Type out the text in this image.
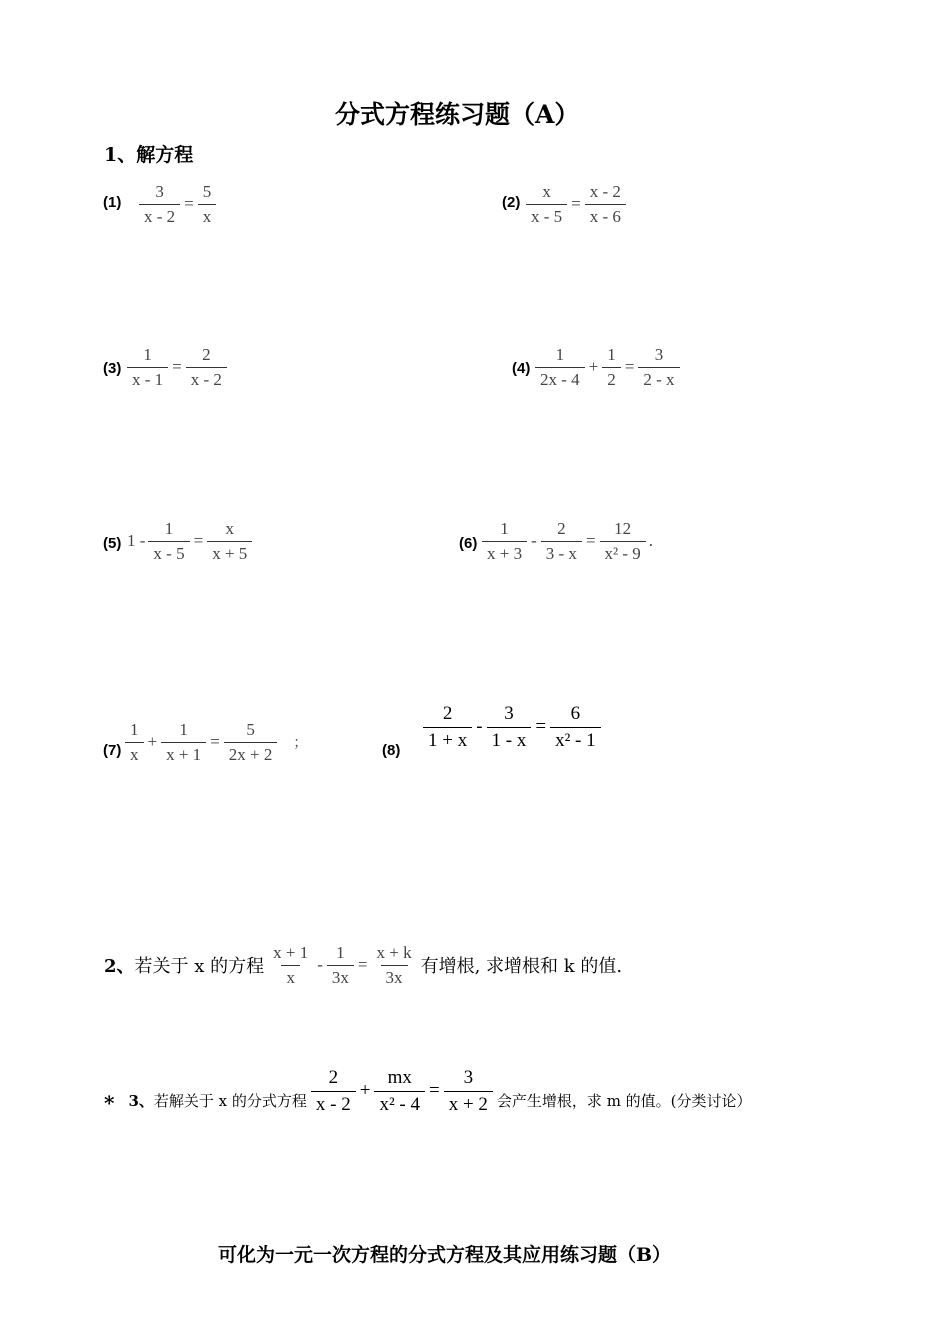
分式方程练习题（A）
1、解方程
$(1) \frac{3}{x - 2} = \frac{5}{x}$	$(2) \frac{x}{x - 5} = \frac{x - 2}{x - 6}$
$(3) \frac{1}{x - 1} = \frac{2}{x - 2}$	$(4) \frac{1}{2x - 4} + \frac{1}{2} = \frac{3}{2 - x}$
(5) $1 - \frac{1}{x - 5} = \frac{x}{x + 5}$	$(6) \frac{1}{x + 3} - \frac{2}{3 - x} = \frac{12}{\text{x² - 9}}$ .
$(7) \frac{1}{x} + \frac{1}{x + 1} = \frac{5}{2x + 2}$	；	$(8) \frac{2}{1 + x} - \frac{3}{1 - x} = \frac{6}{\text{x² - 1}}$
2、 若关于 x 的方程 $\frac{x + 1}{x} - \frac{1}{3x} = \frac{x + k}{3x}$ 有增根, 求增根和 k 的值.
* 3、 若解关于 x 的分式方程 $\frac{2}{x - 2} + \frac{mx}{\text{x² - 4}} = \frac{3}{x + 2}$ 会产生增根，求 m 的值。(分类讨论）
可化为一元一次方程的分式方程及其应用练习题（B）
